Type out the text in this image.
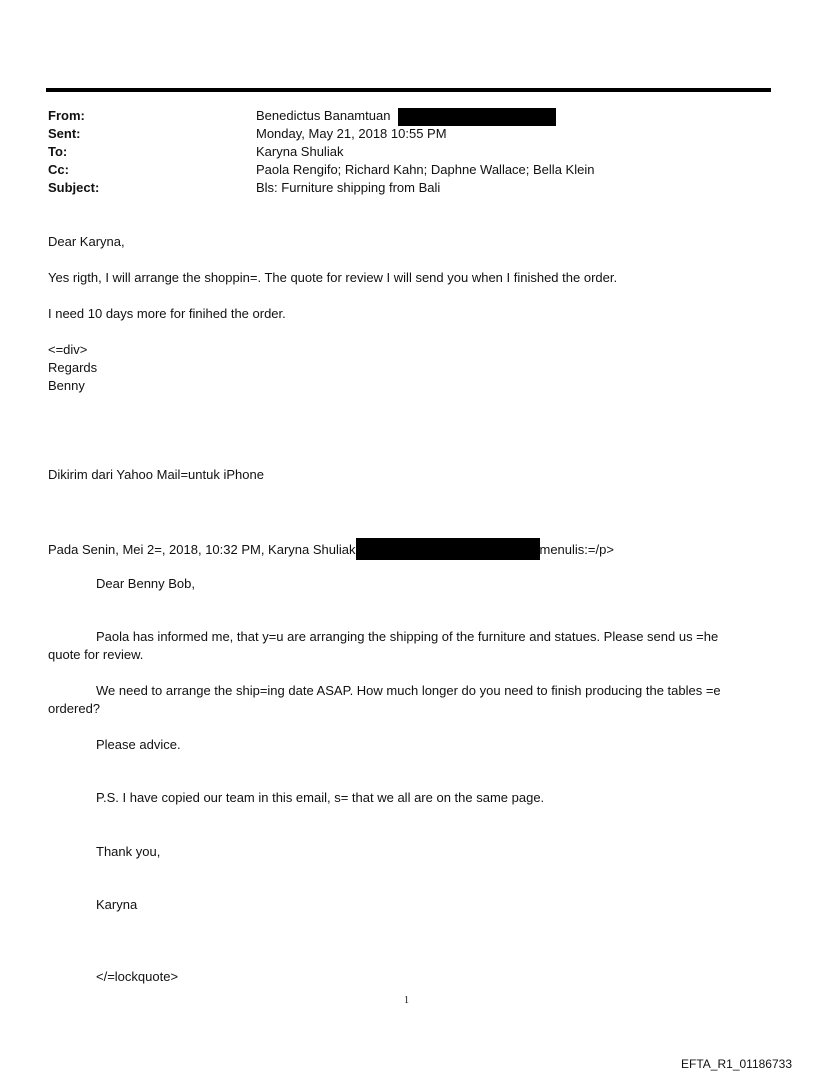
From:	Benedictus Banamtuan
Sent:	Monday, May 21, 2018 10:55 PM
To:	Karyna Shuliak
Cc:	Paola Rengifo; Richard Kahn; Daphne Wallace; Bella Klein
Subject:	Bls: Furniture shipping from Bali
Dear Karyna,
Yes rigth, I will arrange the shoppin=. The quote for review I will send you when I finished the order.
I need 10 days more for finihed the order.
<=div>
Regards
Benny
Dikirim dari Yahoo Mail=untuk iPhone
Pada Senin, Mei 2=, 2018, 10:32 PM, Karyna Shuliak	menulis:=/p>
Dear Benny Bob,
Paola has informed me, that y=u are arranging the shipping of the furniture and statues. Please send us =he
quote for review.
We need to arrange the ship=ing date ASAP. How much longer do you need to finish producing the tables =e
ordered?
Please advice.
P.S. I have copied our team in this email, s= that we all are on the same page.
Thank you,
Karyna
</=lockquote>
1
EFTA_R1_01186733
